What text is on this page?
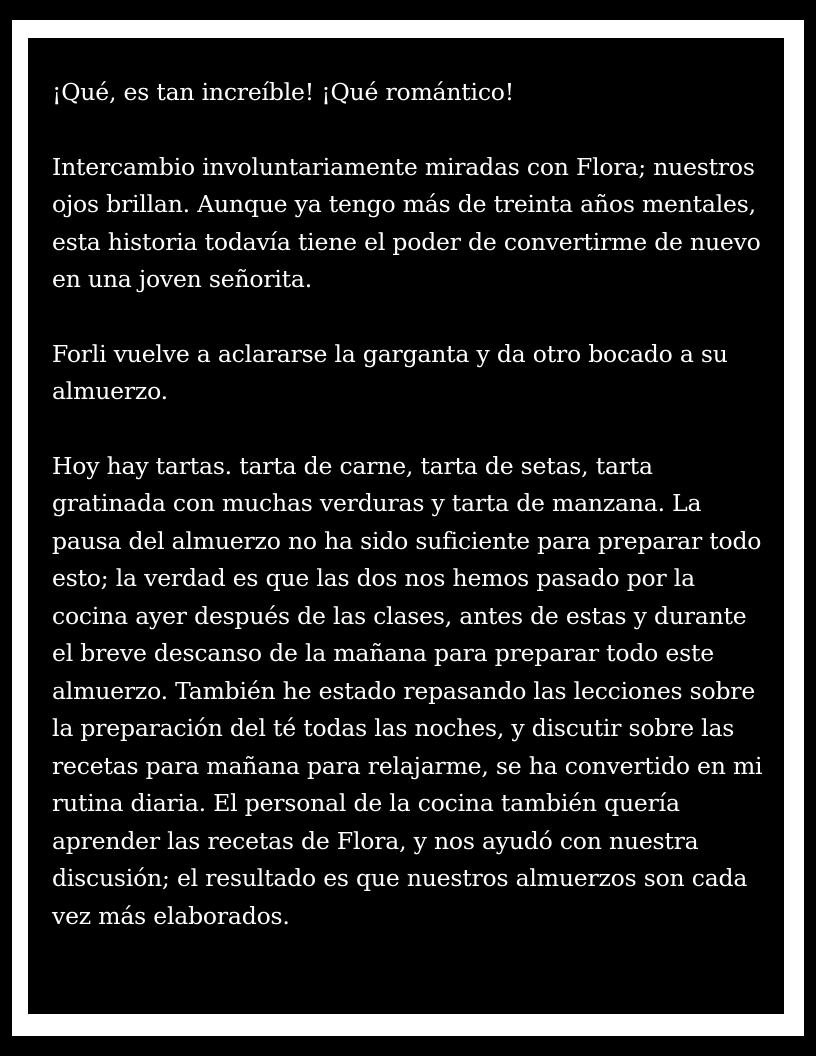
¡Qué, es tan increíble! ¡Qué romántico!

Intercambio involuntariamente miradas con Flora; nuestros ojos brillan. Aunque ya tengo más de treinta años mentales, esta historia todavía tiene el poder de convertirme de nuevo en una joven señorita.

Forli vuelve a aclararse la garganta y da otro bocado a su almuerzo.

Hoy hay tartas. tarta de carne, tarta de setas, tarta gratinada con muchas verduras y tarta de manzana. La pausa del almuerzo no ha sido suficiente para preparar todo esto; la verdad es que las dos nos hemos pasado por la cocina ayer después de las clases, antes de estas y durante el breve descanso de la mañana para preparar todo este almuerzo. También he estado repasando las lecciones sobre la preparación del té todas las noches, y discutir sobre las recetas para mañana para relajarme, se ha convertido en mi rutina diaria. El personal de la cocina también quería aprender las recetas de Flora, y nos ayudó con nuestra discusión; el resultado es que nuestros almuerzos son cada vez más elaborados.
